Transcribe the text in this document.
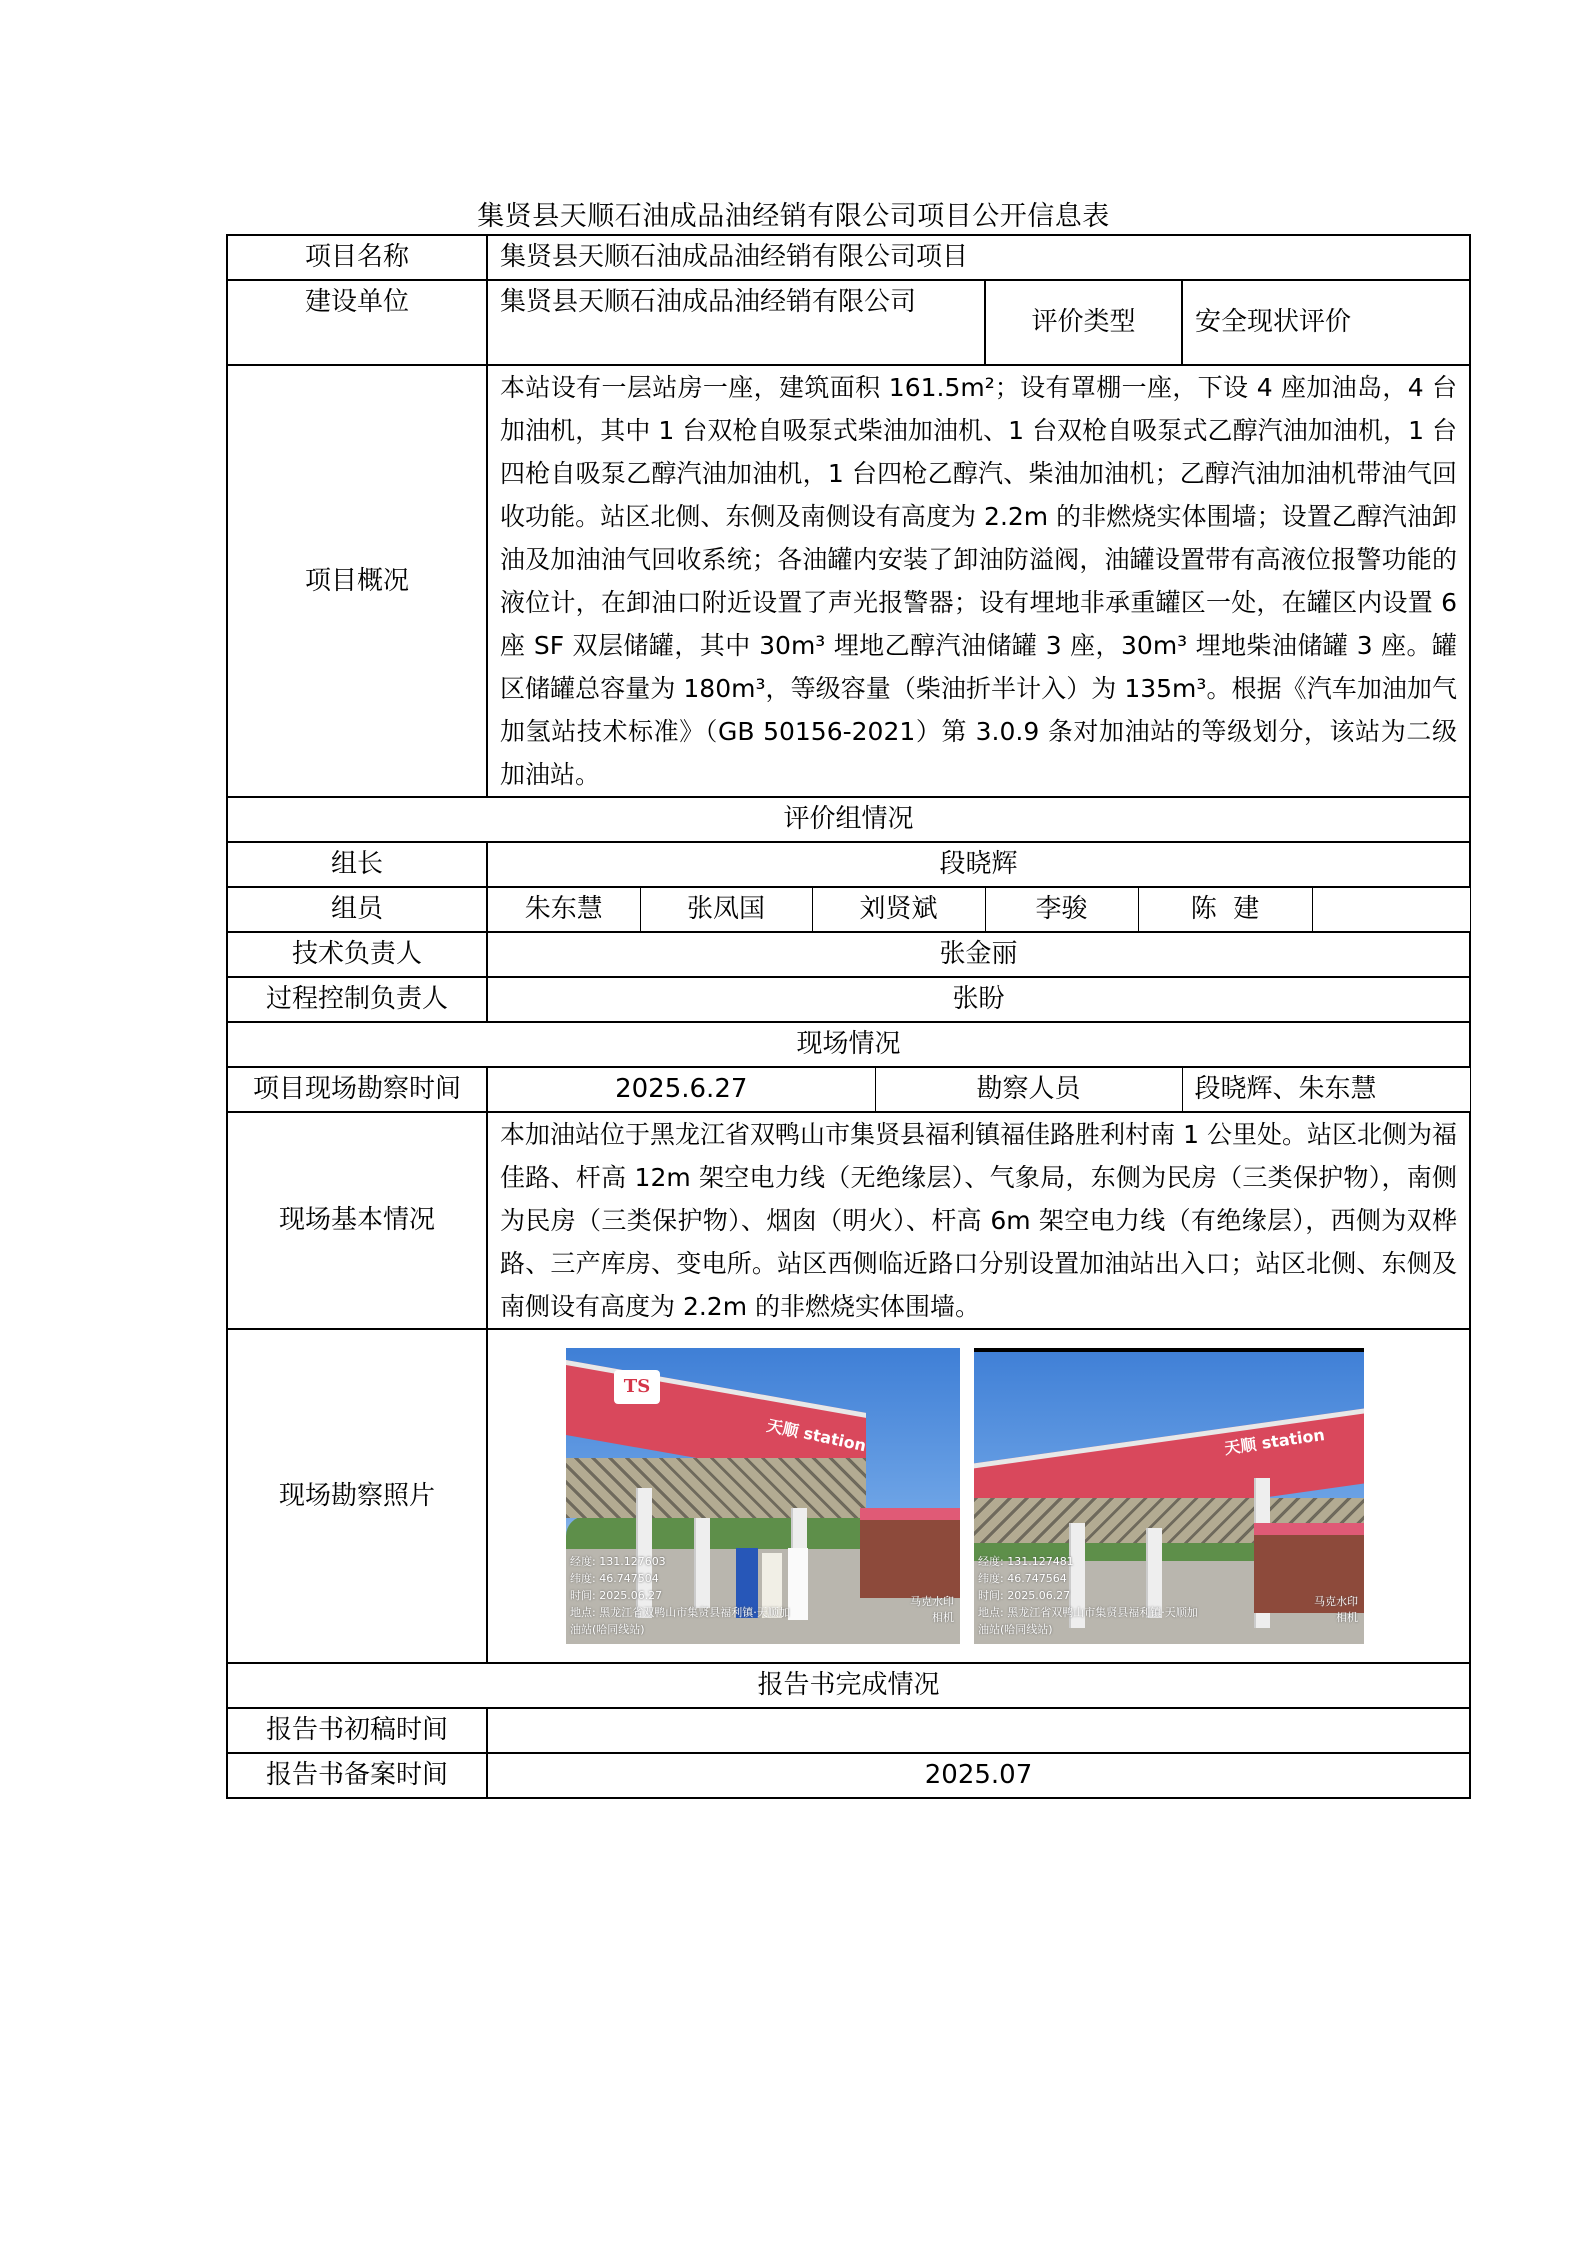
集贤县天顺石油成品油经销有限公司项目公开信息表
项目名称	集贤县天顺石油成品油经销有限公司项目							
建设单位	集贤县天顺石油成品油经销有限公司				评价类型		安全现状评价	
项目概况	本站设有一层站房一座，建筑面积 161.5m²；设有罩棚一座，下设 4 座加油岛，4 台加油机，其中 1 台双枪自吸泵式柴油加油机、1 台双枪自吸泵式乙醇汽油加油机，1 台四枪自吸泵乙醇汽油加油机，1 台四枪乙醇汽、柴油加油机；乙醇汽油加油机带油气回收功能。站区北侧、东侧及南侧设有高度为 2.2m 的非燃烧实体围墙；设置乙醇汽油卸油及加油油气回收系统；各油罐内安装了卸油防溢阀，油罐设置带有高液位报警功能的液位计，在卸油口附近设置了声光报警器；设有埋地非承重罐区一处，在罐区内设置 6 座 SF 双层储罐，其中 30m³ 埋地乙醇汽油储罐 3 座，30m³ 埋地柴油储罐 3 座。罐区储罐总容量为 180m³，等级容量（柴油折半计入）为 135m³。根据《汽车加油加气加氢站技术标准》（GB 50156-2021）第 3.0.9 条对加油站的等级划分，该站为二级加油站。							
评价组情况								
组长	段晓辉							
组员	朱东慧	张凤国	刘贤斌		李骏	陈  建		
技术负责人	张金丽							
过程控制负责人	张盼							
现场情况								
项目现场勘察时间	2025.6.27			勘察人员			段晓辉、朱东慧	
现场基本情况	本加油站位于黑龙江省双鸭山市集贤县福利镇福佳路胜利村南 1 公里处。站区北侧为福佳路、杆高 12m 架空电力线（无绝缘层）、气象局，东侧为民房（三类保护物），南侧为民房（三类保护物）、烟囱（明火）、杆高 6m 架空电力线（有绝缘层），西侧为双桦路、三产库房、变电所。站区西侧临近路口分别设置加油站出入口；站区北侧、东侧及南侧设有高度为 2.2m 的非燃烧实体围墙。							
现场勘察照片	
TS
天顺 station
经度: 131.127603
纬度: 46.747504
时间: 2025.06.27
地点: 黑龙江省双鸭山市集贤县福利镇·天顺加油站(哈同线站)
马克水印相机
天顺 station
经度: 131.127481
纬度: 46.747564
时间: 2025.06.27
地点: 黑龙江省双鸭山市集贤县福利镇·天顺加油站(哈同线站)
马克水印相机

报告书完成情况								
报告书初稿时间								
报告书备案时间	2025.07							
